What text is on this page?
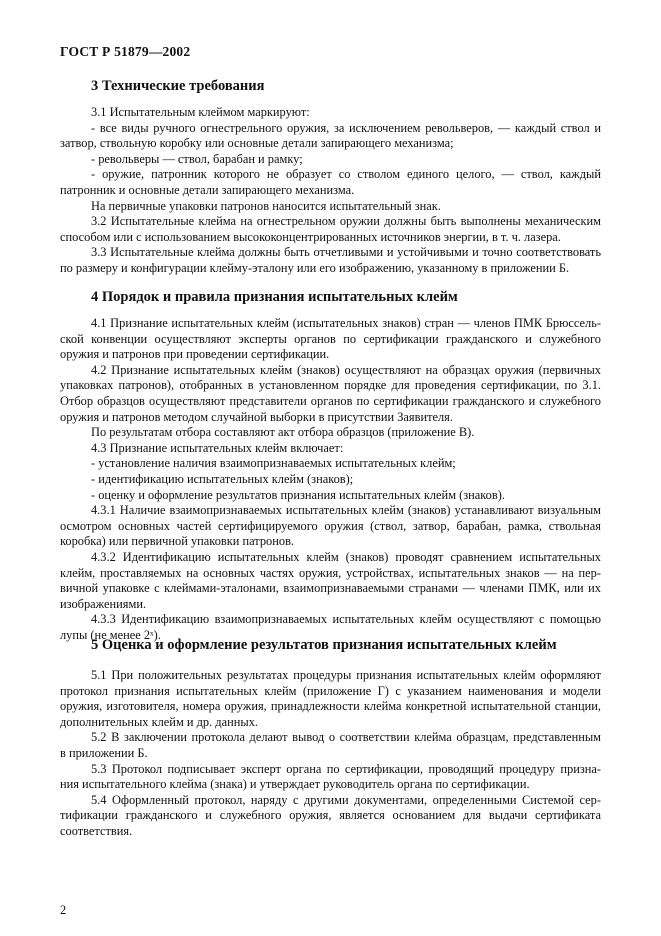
ГОСТ Р 51879—2002
3 Технические требования
3.1 Испытательным клеймом маркируют:
- все виды ручного огнестрельного оружия, за исключением револьверов, — каждый ствол и
затвор, ствольную коробку или основные детали запирающего механизма;
- револьверы — ствол, барабан и рамку;
- оружие, патронник которого не образует со стволом единого целого, — ствол, каждый
патронник и основные детали запирающего механизма.
На первичные упаковки патронов наносится испытательный знак.
3.2 Испытательные клейма на огнестрельном оружии должны быть выполнены механическим
способом или с использованием высококонцентрированных источников энергии, в т. ч. лазера.
3.3 Испытательные клейма должны быть отчетливыми и устойчивыми и точно соответствовать
по размеру и конфигурации клейму-эталону или его изображению, указанному в приложении Б.
4 Порядок и правила признания испытательных клейм
4.1 Признание испытательных клейм (испытательных знаков) стран — членов ПМК Брюссель-
ской конвенции осуществляют эксперты органов по сертификации гражданского и служебного
оружия и патронов при проведении сертификации.
4.2 Признание испытательных клейм (знаков) осуществляют на образцах оружия (первичных
упаковках патронов), отобранных в установленном порядке для проведения сертификации, по 3.1.
Отбор образцов осуществляют представители органов по сертификации гражданского и служебного
оружия и патронов методом случайной выборки в присутствии Заявителя.
По результатам отбора составляют акт отбора образцов (приложение В).
4.3 Признание испытательных клейм включает:
- установление наличия взаимопризнаваемых испытательных клейм;
- идентификацию испытательных клейм (знаков);
- оценку и оформление результатов признания испытательных клейм (знаков).
4.3.1 Наличие взаимопризнаваемых испытательных клейм (знаков) устанавливают визуальным
осмотром основных частей сертифицируемого оружия (ствол, затвор, барабан, рамка, ствольная
коробка) или первичной упаковки патронов.
4.3.2 Идентификацию испытательных клейм (знаков) проводят сравнением испытательных
клейм, проставляемых на основных частях оружия, устройствах, испытательных знаков — на пер-
вичной упаковке с клеймами-эталонами, взаимопризнаваемыми странами — членами ПМК, или их
изображениями.
4.3.3 Идентификацию взаимопризнаваемых испытательных клейм осуществляют с помощью
лупы (не менее 2ˣ).
5 Оценка и оформление результатов признания испытательных клейм
5.1 При положительных результатах процедуры признания испытательных клейм оформляют
протокол признания испытательных клейм (приложение Г) с указанием наименования и модели
оружия, изготовителя, номера оружия, принадлежности клейма конкретной испытательной станции,
дополнительных клейм и др. данных.
5.2 В заключении протокола делают вывод о соответствии клейма образцам, представленным
в приложении Б.
5.3 Протокол подписывает эксперт органа по сертификации, проводящий процедуру призна-
ния испытательного клейма (знака) и утверждает руководитель органа по сертификации.
5.4 Оформленный протокол, наряду с другими документами, определенными Системой сер-
тификации гражданского и служебного оружия, является основанием для выдачи сертификата
соответствия.
2
